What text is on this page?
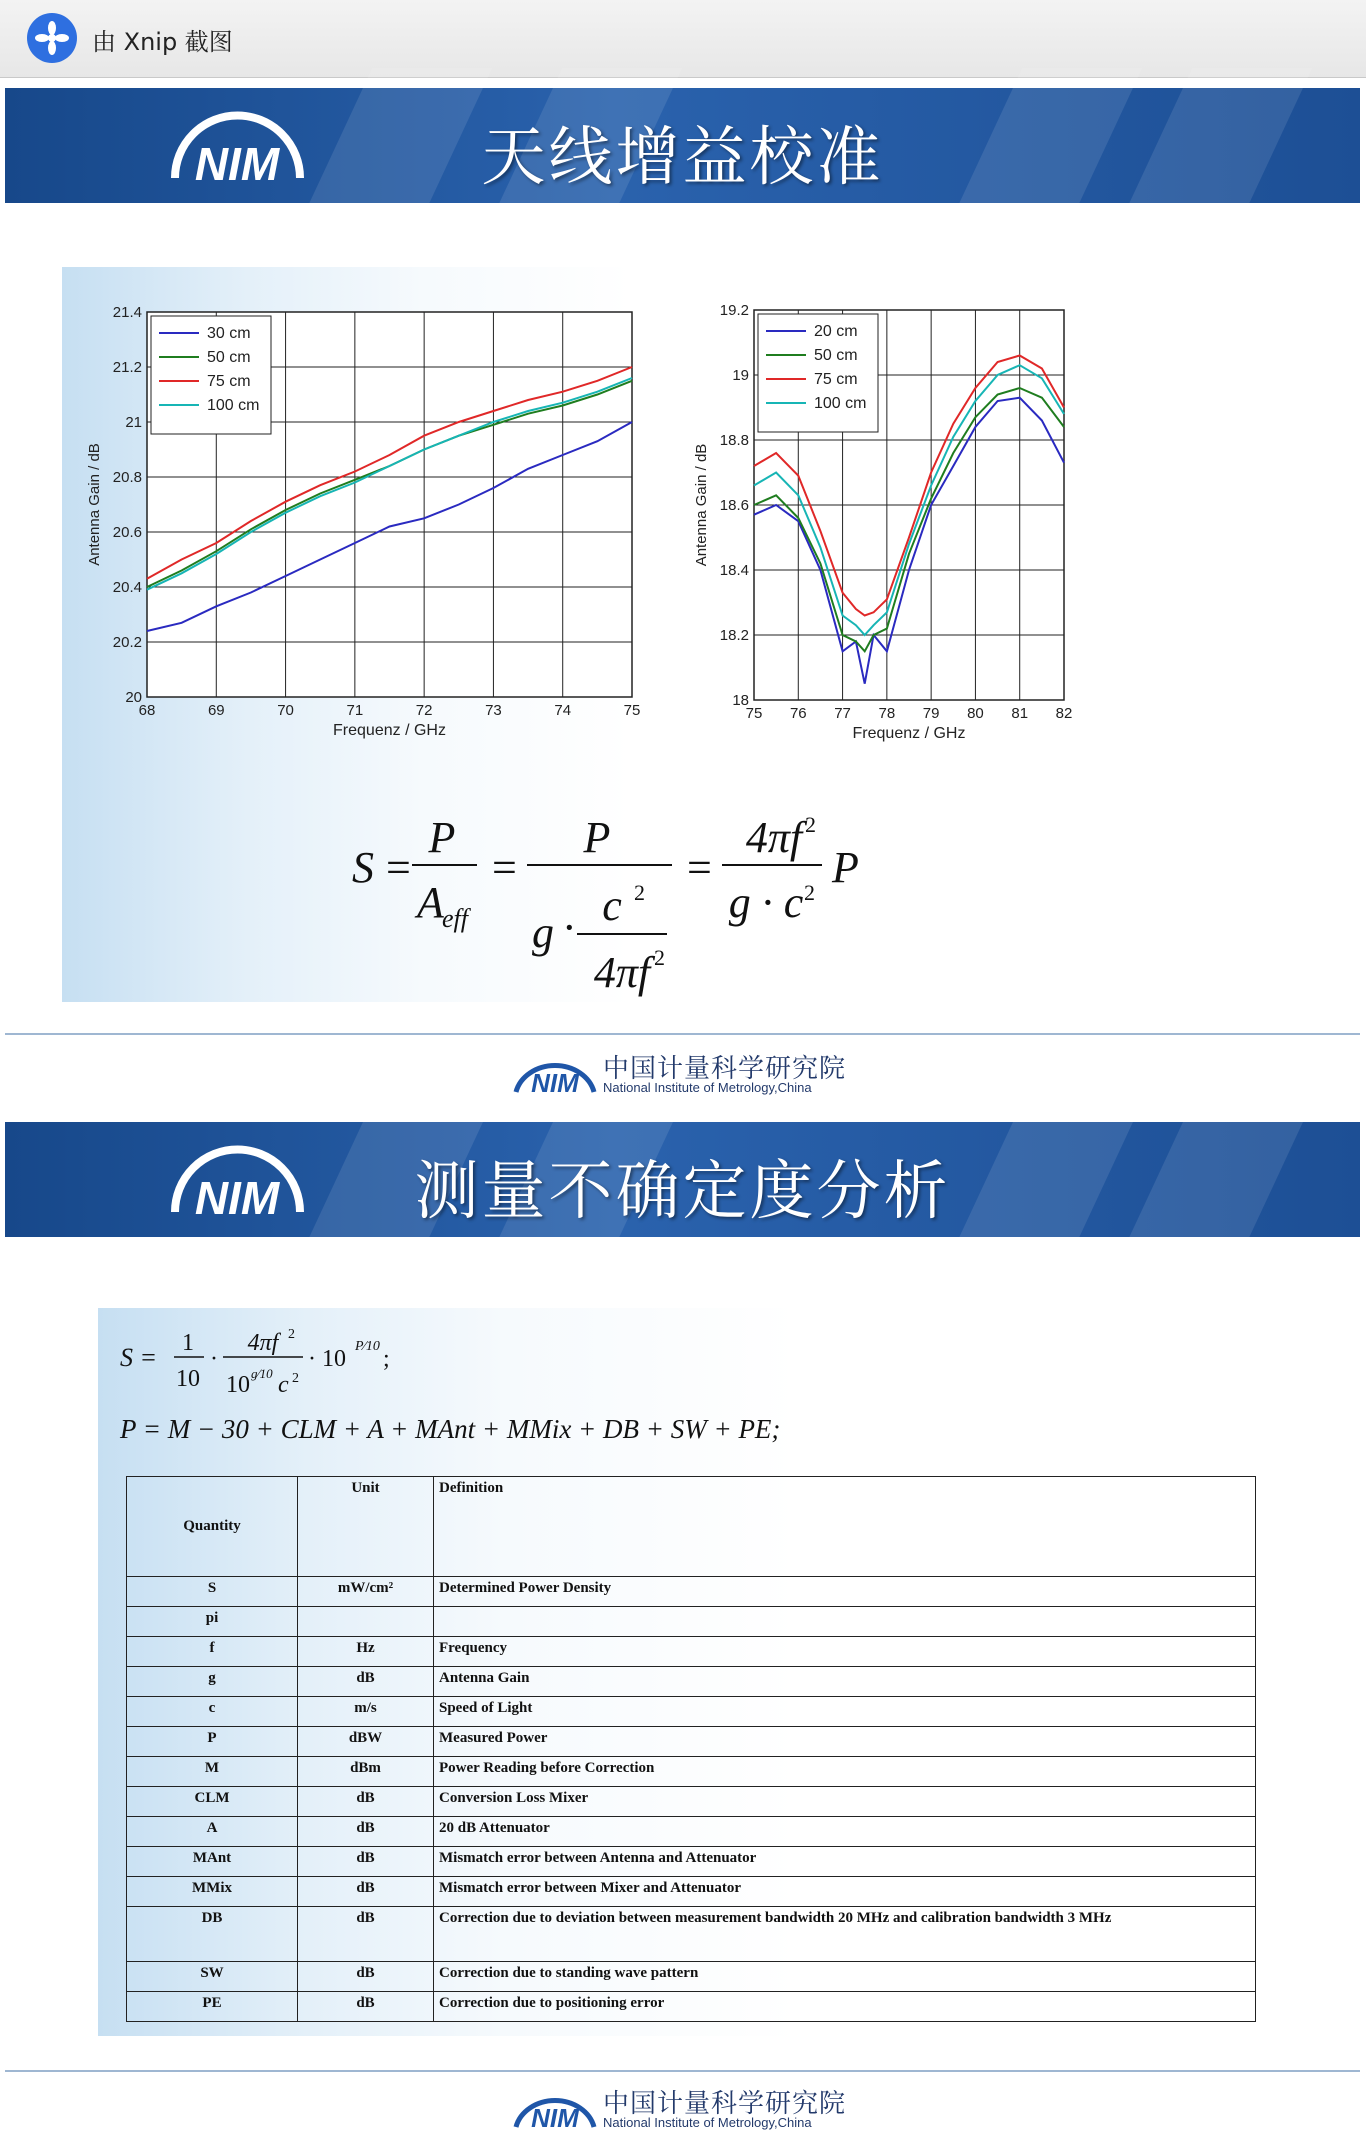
由 Xnip 截图
NIM	天线增益校准
68	69	70	71	72	73	74	75
20
20.2
20.4
20.6
20.8
21
21.2
21.4
Frequenz / GHz
Antenna Gain / dB
30 cm
50 cm
75 cm
100 cm
75 76 77 78 79 80 81 82
18
18.2
18.4
18.6
18.8
19
19.2
Frequenz / GHz
Antenna Gain / dB
20 cm
50 cm
75 cm
100 cm
S =
P
A
eff
=
P
g · c 2
4πf 2
=
4πf 2
g · c 2
P
NIM 中国计量科学研究院
National Institute of Metrology,China
NIM	测量不确定度分析
S = 1
10
·
4πf 2
10 g⁄10 c 2
· 10 P⁄10 ;
P = M − 30 + CLM + A + MAnt + MMix + DB + SW + PE;
Quantity	Unit	Definition
S	mW/cm²	Determined Power Density
pi		
f	Hz	Frequency
g	dB	Antenna Gain
c	m/s	Speed of Light
P	dBW	Measured Power
M	dBm	Power Reading before Correction
CLM	dB	Conversion Loss Mixer
A	dB	20 dB Attenuator
MAnt	dB	Mismatch error between Antenna and Attenuator
MMix	dB	Mismatch error between Mixer and Attenuator
DB	dB	Correction due to deviation between measurement bandwidth 20 MHz and calibration bandwidth 3 MHz
SW	dB	Correction due to standing wave pattern
PE	dB	Correction due to positioning error
NIM 中国计量科学研究院
National Institute of Metrology,China
